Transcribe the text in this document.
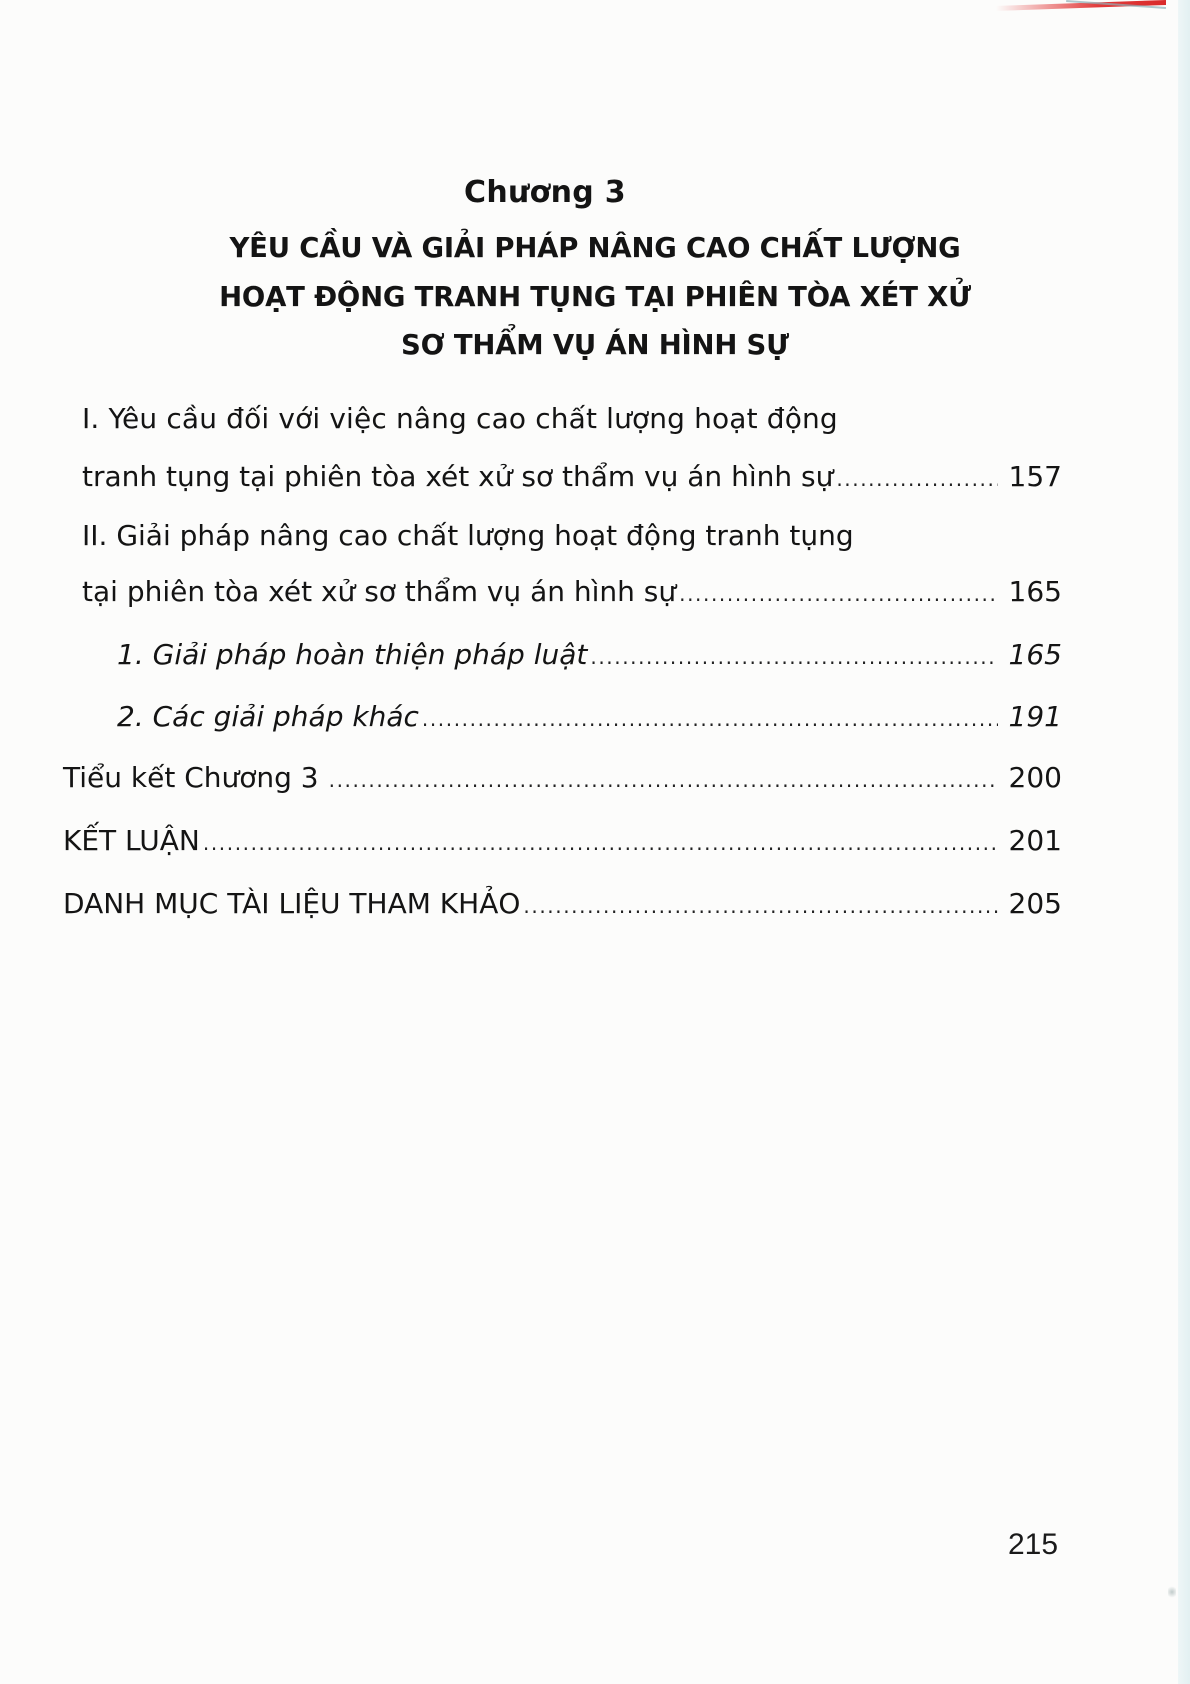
Chương 3
YÊU CẦU VÀ GIẢI PHÁP NÂNG CAO CHẤT LƯỢNG
HOẠT ĐỘNG TRANH TỤNG TẠI PHIÊN TÒA XÉT XỬ
SƠ THẨM VỤ ÁN HÌNH SỰ
I. Yêu cầu đối với việc nâng cao chất lượng hoạt động
tranh tụng tại phiên tòa xét xử sơ thẩm vụ án hình sự .....	157
II. Giải pháp nâng cao chất lượng hoạt động tranh tụng
tại phiên tòa xét xử sơ thẩm vụ án hình sự .....	165
1. Giải pháp hoàn thiện pháp luật .....	165
2. Các giải pháp khác .....	191
Tiểu kết Chương 3 .....	200
KẾT LUẬN .....	201
DANH MỤC TÀI LIỆU THAM KHẢO .....	205
215
